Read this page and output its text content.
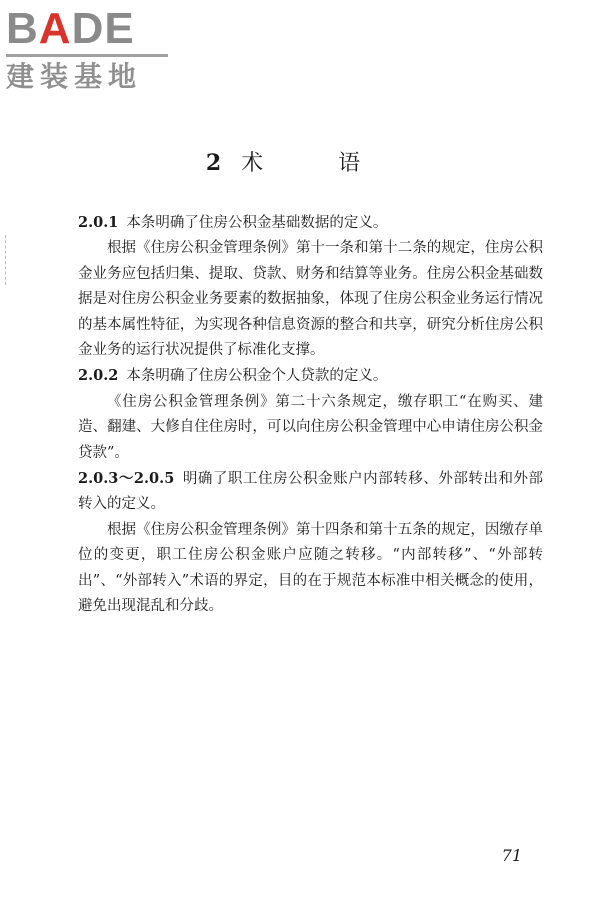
BADE
建装基地
2 术 语

2.0.1 本条明确了住房公积金基础数据的定义。

根据《住房公积金管理条例》第十一条和第十二条的规定，住房公积金业务应包括归集、提取、贷款、财务和结算等业务。住房公积金基础数据是对住房公积金业务要素的数据抽象，体现了住房公积金业务运行情况的基本属性特征，为实现各种信息资源的整合和共享，研究分析住房公积金业务的运行状况提供了标准化支撑。

2.0.2 本条明确了住房公积金个人贷款的定义。

《住房公积金管理条例》第二十六条规定，缴存职工“在购买、建造、翻建、大修自住住房时，可以向住房公积金管理中心申请住房公积金贷款”。

2.0.3～2.0.5 明确了职工住房公积金账户内部转移、外部转出和外部转入的定义。

根据《住房公积金管理条例》第十四条和第十五条的规定，因缴存单位的变更，职工住房公积金账户应随之转移。“内部转移”、“外部转出”、“外部转入”术语的界定，目的在于规范本标准中相关概念的使用，避免出现混乱和分歧。

71
